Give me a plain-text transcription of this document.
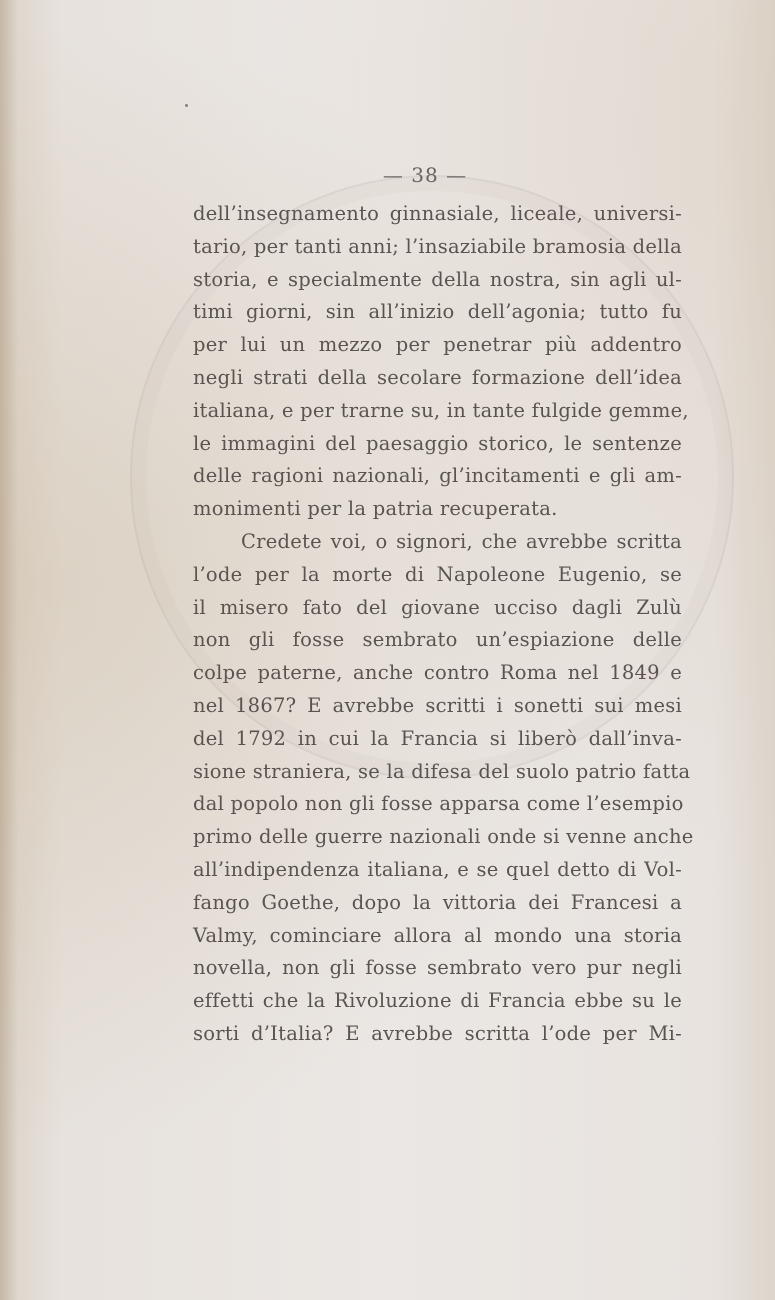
— 38 —
dell’insegnamento ginnasiale, liceale, universi-
tario, per tanti anni; l’insaziabile bramosia della
storia, e specialmente della nostra, sin agli ul-
timi giorni, sin all’inizio dell’agonia; tutto fu
per lui un mezzo per penetrar più addentro
negli strati della secolare formazione dell’idea
italiana, e per trarne su, in tante fulgide gemme,
le immagini del paesaggio storico, le sentenze
delle ragioni nazionali, gl’incitamenti e gli am-
monimenti per la patria recuperata.
Credete voi, o signori, che avrebbe scritta
l’ode per la morte di Napoleone Eugenio, se
il misero fato del giovane ucciso dagli Zulù
non gli fosse sembrato un’espiazione delle
colpe paterne, anche contro Roma nel 1849 e
nel 1867? E avrebbe scritti i sonetti sui mesi
del 1792 in cui la Francia si liberò dall’inva-
sione straniera, se la difesa del suolo patrio fatta
dal popolo non gli fosse apparsa come l’esempio
primo delle guerre nazionali onde si venne anche
all’indipendenza italiana, e se quel detto di Vol-
fango Goethe, dopo la vittoria dei Francesi a
Valmy, cominciare allora al mondo una storia
novella, non gli fosse sembrato vero pur negli
effetti che la Rivoluzione di Francia ebbe su le
sorti d’Italia? E avrebbe scritta l’ode per Mi-
